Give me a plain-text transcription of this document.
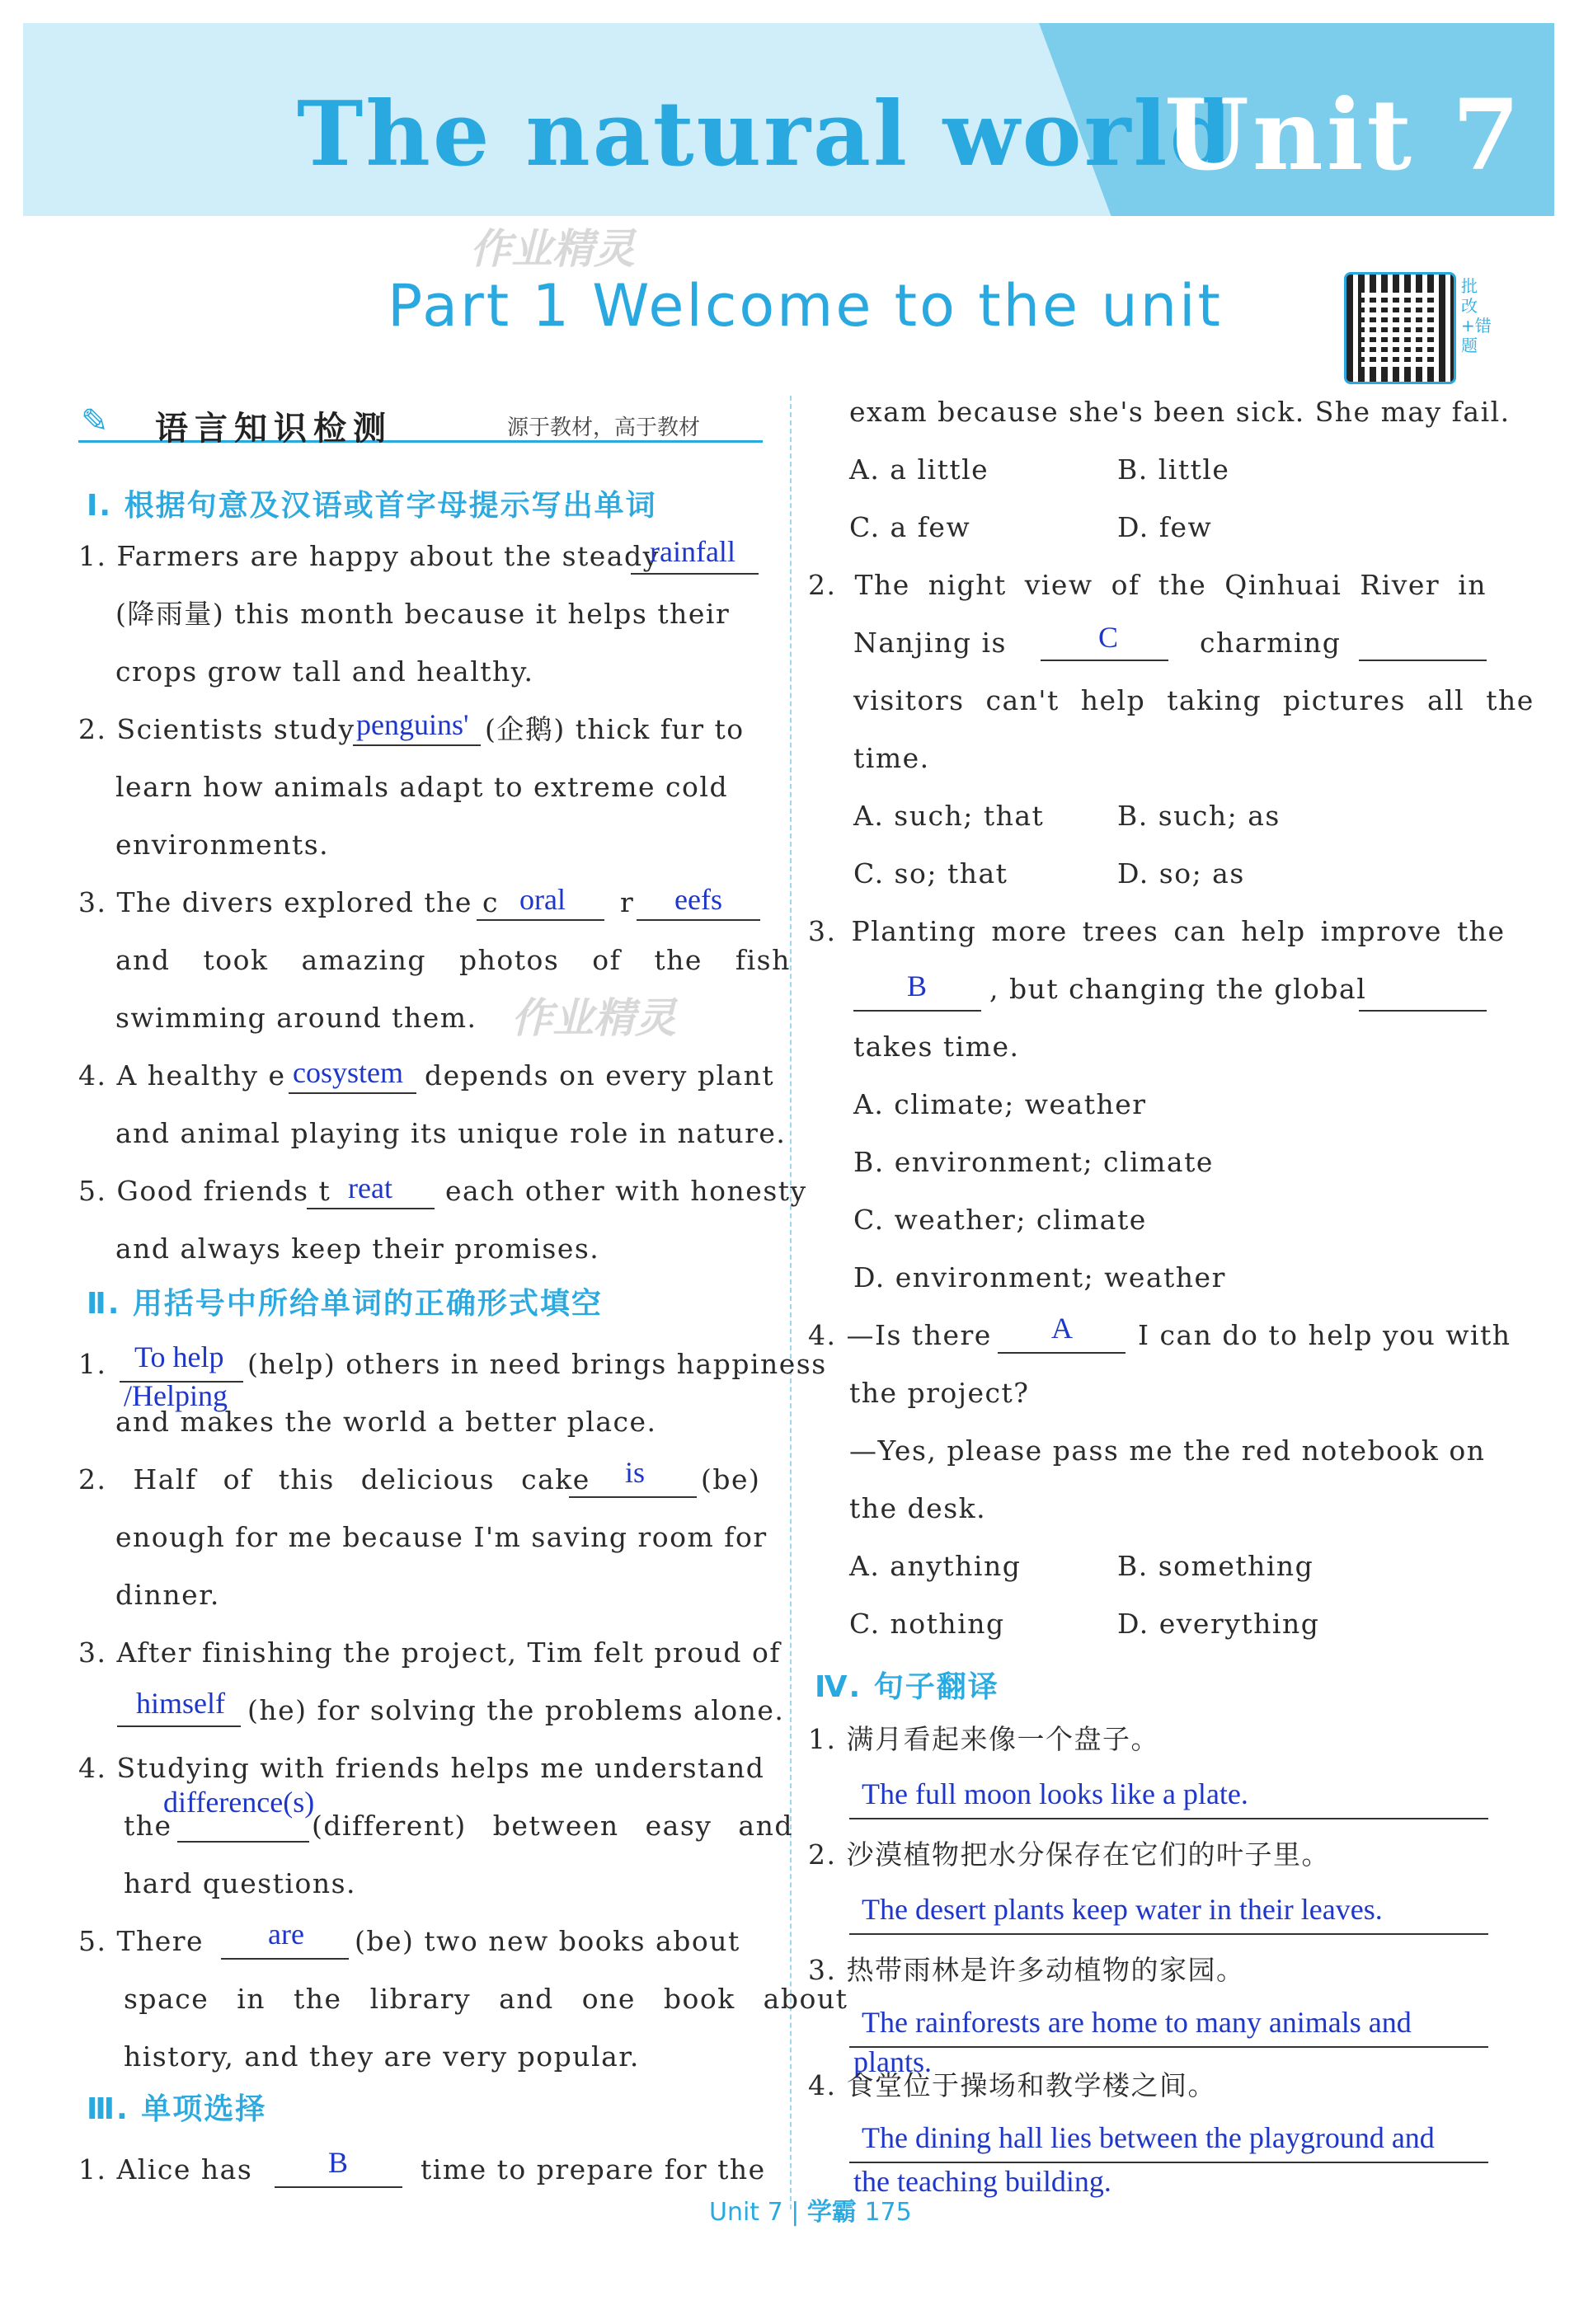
The natural world
Unit 7
作业精灵
Part 1 Welcome to the unit	批改+错题
✎ 语言知识检测	源于教材，高于教材
Ⅰ. 根据句意及汉语或首字母提示写出单词
1. Farmers are happy about the steady
rainfall
(降雨量) this month because it helps their
crops grow tall and healthy.
2. Scientists study penguins' (企鹅) thick fur to
learn how animals adapt to extreme cold
environments.
3. The divers explored the c oral r eefs
and took amazing photos of the fish
swimming around them. 作业精灵
4. A healthy e cosystem depends on every plant
and animal playing its unique role in nature.
5. Good friends t reat each other with honesty
and always keep their promises.
Ⅱ. 用括号中所给单词的正确形式填空
1. To help (help) others in need brings happiness
and makes the world a better place.
/Helping
2. Half of this delicious cake is (be)
enough for me because I'm saving room for
dinner.
3. After finishing the project, Tim felt proud of
himself (he) for solving the problems alone.
4. Studying with friends helps me understand
the
difference(s)
(different) between easy and
hard questions.
5. There are (be) two new books about
space in the library and one book about
history, and they are very popular.
Ⅲ. 单项选择
1. Alice has	B	time to prepare for the
exam because she's been sick. She may fail.
A. a little	B. little
C. a few	D. few
2. The night view of the Qinhuai River in
Nanjing is	C	charming
visitors can't help taking pictures all the
time.
A. such; that	B. such; as
C. so; that	D. so; as
3. Planting more trees can help improve the
B , but changing the global
takes time.
A. climate; weather
B. environment; climate
C. weather; climate
D. environment; weather
4. —Is there A I can do to help you with
the project?
—Yes, please pass me the red notebook on
the desk.
A. anything	B. something
C. nothing	D. everything
Ⅳ. 句子翻译
1. 满月看起来像一个盘子。
The full moon looks like a plate.
2. 沙漠植物把水分保存在它们的叶子里。
The desert plants keep water in their leaves.
3. 热带雨林是许多动植物的家园。
The rainforests are home to many animals and
plants.
4. 食堂位于操场和教学楼之间。
The dining hall lies between the playground and
the teaching building.
Unit 7 | 学霸 175
